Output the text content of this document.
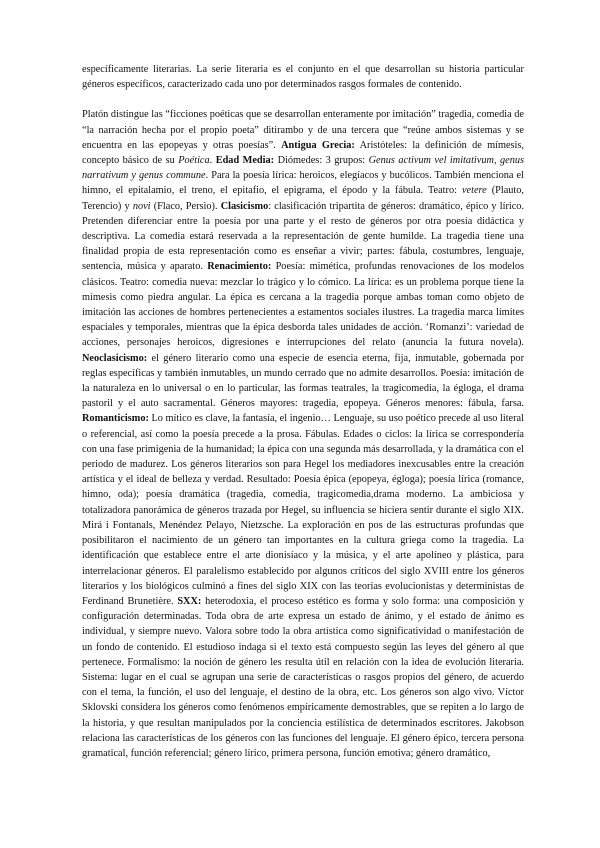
específicamente literarias. La serie literaria es el conjunto en el que desarrollan su historia particular géneros específicos, caracterizado cada uno por determinados rasgos formales de contenido.

Platón distingue las “ficciones poéticas que se desarrollan enteramente por imitación” tragedia, comedia de “la narración hecha por el propio poeta” ditirambo y de una tercera que “reúne ambos sistemas y se encuentra en las epopeyas y otras poesías”. Antigua Grecia: Aristóteles: la definición de mímesis, concepto básico de su Poética. Edad Media: Diómedes: 3 grupos: Genus activum vel imitativum, genus narrativum y genus commune. Para la poesía lírica: heroicos, elegíacos y bucólicos. También menciona el himno, el epitalamio, el treno, el epitafio, el epigrama, el épodo y la fábula. Teatro: vetere (Plauto, Terencio) y novi (Flaco, Persio). Clasicismo: clasificación tripartita de géneros: dramático, épico y lírico. Pretenden diferenciar entre la poesía por una parte y el resto de géneros por otra poesía didáctica y descriptiva. La comedia estará reservada a la representación de gente humilde. La tragedia tiene una finalidad propia de esta representación como es enseñar a vivir; partes: fábula, costumbres, lenguaje, sentencia, música y aparato. Renacimiento: Poesía: mimética, profundas renovaciones de los modelos clásicos. Teatro: comedia nueva: mezclar lo trágico y lo cómico. La lírica: es un problema porque tiene la mímesis como piedra angular. La épica es cercana a la tragedia porque ambas toman como objeto de imitación las acciones de hombres pertenecientes a estamentos sociales ilustres. La tragedia marca límites espaciales y temporales, mientras que la épica desborda tales unidades de acción. ‘Romanzi’: variedad de acciones, personajes heroicos, digresiones e interrupciones del relato (anuncia la futura novela). Neoclasicismo: el género literario como una especie de esencia eterna, fija, inmutable, gobernada por reglas específicas y también inmutables, un mundo cerrado que no admite desarrollos. Poesía: imitación de la naturaleza en lo universal o en lo particular, las formas teatrales, la tragicomedia, la égloga, el drama pastoril y el auto sacramental. Géneros mayores: tragedia, epopeya. Géneros menores: fábula, farsa. Romanticismo: Lo mítico es clave, la fantasía, el ingenio… Lenguaje, su uso poético precede al uso literal o referencial, así como la poesía precede a la prosa. Fábulas. Edades o ciclos: la lírica se correspondería con una fase primigenia de la humanidad; la épica con una segunda más desarrollada, y la dramática con el periodo de madurez. Los géneros literarios son para Hegel los mediadores inexcusables entre la creación artística y el ideal de belleza y verdad. Resultado: Poesía épica (epopeya, égloga); poesía lírica (romance, himno, oda); poesía dramática (tragedia, comedia, tragicomedia,drama moderno. La ambiciosa y totalizadora panorámica de géneros trazada por Hegel, su influencia se hiciera sentir durante el siglo XIX. Mirá i Fontanals, Menéndez Pelayo, Nietzsche. La exploración en pos de las estructuras profundas que posibilitaron el nacimiento de un género tan importantes en la cultura griega como la tragedia. La identificación que establece entre el arte dionisíaco y la música, y el arte apolíneo y plástica, para interrelacionar géneros. El paralelismo establecido por algunos críticos del siglo XVIII entre los géneros literarios y los biológicos culminó a fines del siglo XIX con las teorías evolucionistas y deterministas de Ferdinand Brunetière. SXX: heterodoxia, el proceso estético es forma y solo forma: una composición y configuración determinadas. Toda obra de arte expresa un estado de ánimo, y el estado de ánimo es individual, y siempre nuevo. Valora sobre todo la obra artística como significatividad o manifestación de un fondo de contenido. El estudioso indaga si el texto está compuesto según las leyes del género al que pertenece. Formalismo: la noción de género les resulta útil en relación con la idea de evolución literaria. Sistema: lugar en el cual se agrupan una serie de características o rasgos propios del género, de acuerdo con el tema, la función, el uso del lenguaje, el destino de la obra, etc. Los géneros son algo vivo. Víctor Sklovski considera los géneros como fenómenos empíricamente demostrables, que se repiten a lo largo de la historia, y que resultan manipulados por la conciencia estilística de determinados escritores. Jakobson relaciona las características de los géneros con las funciones del lenguaje. El género épico, tercera persona gramatical, función referencial; género lírico, primera persona, función emotiva; género dramático,
